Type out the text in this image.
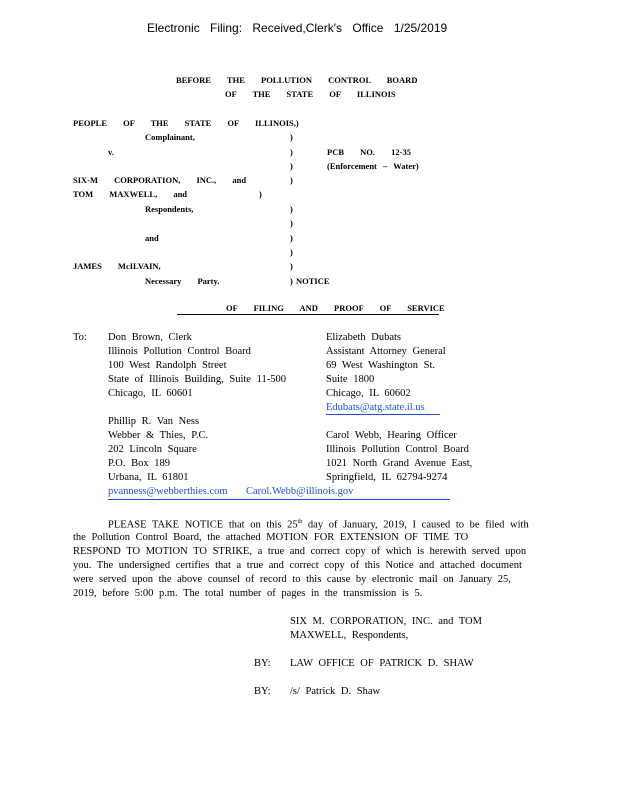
Electronic Filing: Received,Clerk's Office 1/25/2019
BEFORE THE POLLUTION CONTROL BOARD
OF THE STATE OF ILLINOIS
PEOPLE OF THE STATE OF ILLINOIS,)
Complainant,	)
v.	)	PCB NO. 12-35
)	(Enforcement – Water)
SIX-M CORPORATION, INC., and	)
TOM MAXWELL, and	)
Respondents,	)
)
and	)
)
JAMES McILVAIN,	)
Necessary Party.	) NOTICE
OF FILING AND PROOF OF SERVICE
To: Don Brown, Clerk
Illinois Pollution Control Board
100 West Randolph Street
State of Illinois Building, Suite 11-500
Chicago, IL 60601
Elizabeth Dubats
Assistant Attorney General
69 West Washington St.
Suite 1800
Chicago, IL 60602
Edubats@atg.state.il.us
Phillip R. Van Ness
Webber & Thies, P.C.
202 Lincoln Square
P.O. Box 189
Urbana, IL 61801
Carol Webb, Hearing Officer
Illinois Pollution Control Board
1021 North Grand Avenue East,
Springfield, IL 62794-9274
pvanness@webberthies.com Carol.Webb@illinois.gov
PLEASE TAKE NOTICE that on this 25th day of January, 2019, I caused to be filed with
the Pollution Control Board, the attached MOTION FOR EXTENSION OF TIME TO
RESPOND TO MOTION TO STRIKE, a true and correct copy of which is herewith served upon
you. The undersigned certifies that a true and correct copy of this Notice and attached document
were served upon the above counsel of record to this cause by electronic mail on January 25,
2019, before 5:00 p.m. The total number of pages in the transmission is 5.
SIX M. CORPORATION, INC. and TOM
MAXWELL, Respondents,
BY: LAW OFFICE OF PATRICK D. SHAW
BY: /s/ Patrick D. Shaw
